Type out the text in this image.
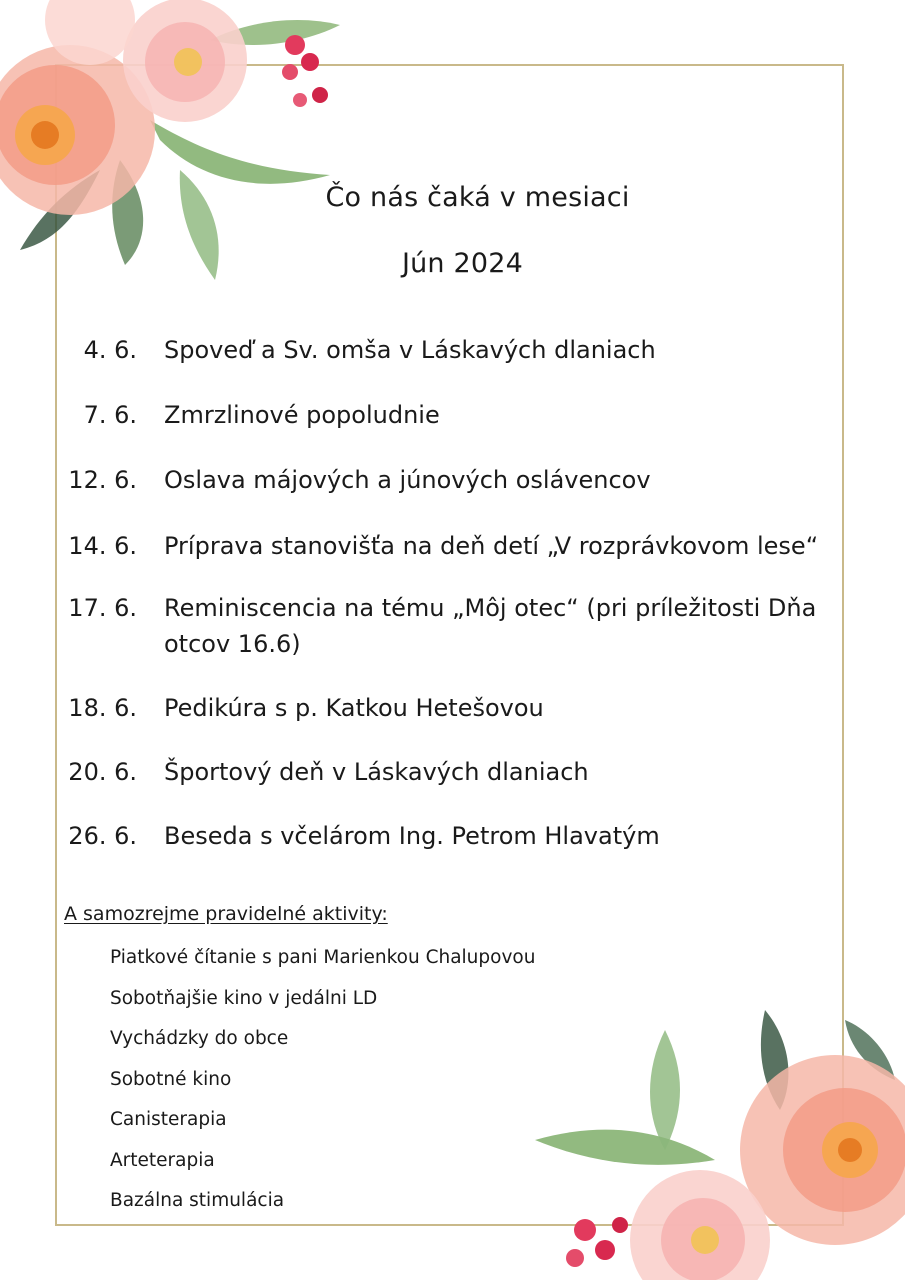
Čo nás čaká v mesiaci
Jún 2024
4. 6. Spoveď a Sv. omša v Láskavých dlaniach
7. 6. Zmrzlinové popoludnie
12. 6. Oslava májových a júnových oslávencov
14. 6. Príprava stanovišťa na deň detí „V rozprávkovom lese“
17. 6. Reminiscencia na tému „Môj otec“ (pri príležitosti Dňa otcov 16.6)
18. 6. Pedikúra s p. Katkou Hetešovou
20. 6. Športový deň v Láskavých dlaniach
26. 6. Beseda s včelárom Ing. Petrom Hlavatým
A samozrejme pravidelné aktivity:
Piatkové čítanie s pani Marienkou Chalupovou
Sobotňajšie kino v jedálni LD
Vychádzky do obce
Sobotné kino
Canisterapia
Arteterapia
Bazálna stimulácia
